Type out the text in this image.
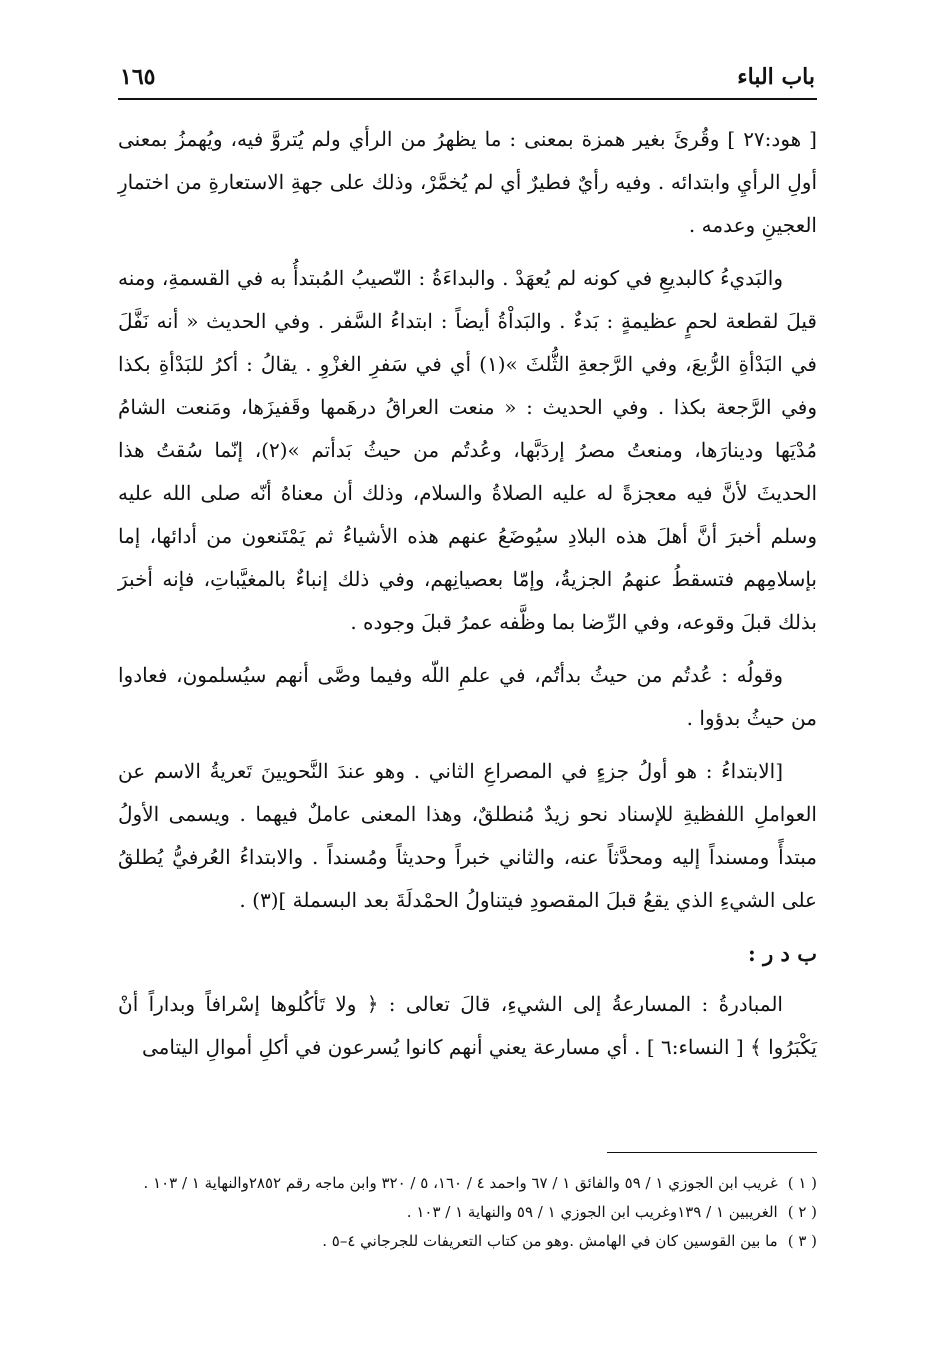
باب الباء
١٦٥

[ هود:٢٧ ] وقُرئَ بغير همزة بمعنى : ما يظهرُ من الرأي ولم يُتروَّ فيه، ويُهمزُ بمعنى أولِ الرأيِ وابتدائه . وفيه رأيٌ فطيرٌ أي لم يُخمَّرْ، وذلك على جهةِ الاستعارةِ من اختمارِ العجينِ وعدمه .

والبَديءُ كالبديعِ في كونه لم يُعهَدْ . والبداءَةُ : النّصيبُ المُبتدأُ به في القسمةِ، ومنه قيلَ لقطعة لحمٍ عظيمةٍ : بَدءٌ . والبَداْةُ أيضاً : ابتداءُ السَّفر . وفي الحديث « أنه نَفَّلَ في البَدْأةِ الرُّبعَ، وفي الرَّجعةِ الثُّلثَ »(١) أي في سَفرِ الغزْوِ . يقالُ : أكرُ للبَدْأةِ بكذا وفي الرَّجعة بكذا . وفي الحديث : « منعت العراقُ درهَمها وقَفيزَها، ومَنعت الشامُ مُدْيَها ودينارَها، ومنعتُ مصرُ إردَبَّها، وعُدتُم من حيثُ بَدأتم »(٢)، إنّما سُقتُ هذا الحديثَ لأنَّ فيه معجزةً له عليه الصلاةُ والسلام، وذلك أن معناهُ أنّه صلى الله عليه وسلم أخبرَ أنَّ أهلَ هذه البلادِ سيُوضَعُ عنهم هذه الأشياءُ ثم يَمْتَنعون من أدائها، إما بإسلامِهم فتسقطُ عنهمُ الجزيةُ، وإمّا بعصيانِهم، وفي ذلك إنباءٌ بالمغيَّباتِ، فإنه أخبرَ بذلك قبلَ وقوعه، وفي الرِّضا بما وظَّفه عمرُ قبلَ وجوده .

وقولُه : عُدتُم من حيثُ بدأتُم، في علمِ اللّه وفيما وصَّى أنهم سيُسلمون، فعادوا من حيثُ بدؤوا .

[الابتداءُ : هو أولُ جزءٍ في المصراعِ الثاني . وهو عندَ النَّحويينَ تَعريةُ الاسم عن العواملِ اللفظيةِ للإسناد نحو زيدٌ مُنطلقٌ، وهذا المعنى عاملٌ فيهما . ويسمى الأولُ مبتدأً ومسنداً إليه ومحدَّثاً عنه، والثاني خبراً وحديثاً ومُسنداً . والابتداءُ العُرفيُّ يُطلقُ على الشيءِ الذي يقعُ قبلَ المقصودِ فيتناولُ الحمْدلَةَ بعد البسملة ](٣) .

ب د ر :

المبادرةُ : المسارعةُ إلى الشيءِ، قالَ تعالى : ﴿ ولا تَأكُلوها إسْرافاً وبداراً أنْ يَكْبَرُوا ﴾ [ النساء:٦ ] . أي مسارعة يعني أنهم كانوا يُسرعون في أكلِ أموالِ اليتامى

( ١ )
غريب ابن الجوزي ١ / ٥٩ والفائق ١ / ٦٧ واحمد ٤ / ١٦٠، ٥ / ٣٢٠ وابن ماجه رقم ٢٨٥٢والنهاية ١ / ١٠٣ .
( ٢ )
الغريبين ١ / ١٣٩وغريب ابن الجوزي ١ / ٥٩ والنهاية ١ / ١٠٣ .
( ٣ )
ما بين القوسين كان في الهامش .وهو من كتاب التعريفات للجرجاني ٤–٥ .
